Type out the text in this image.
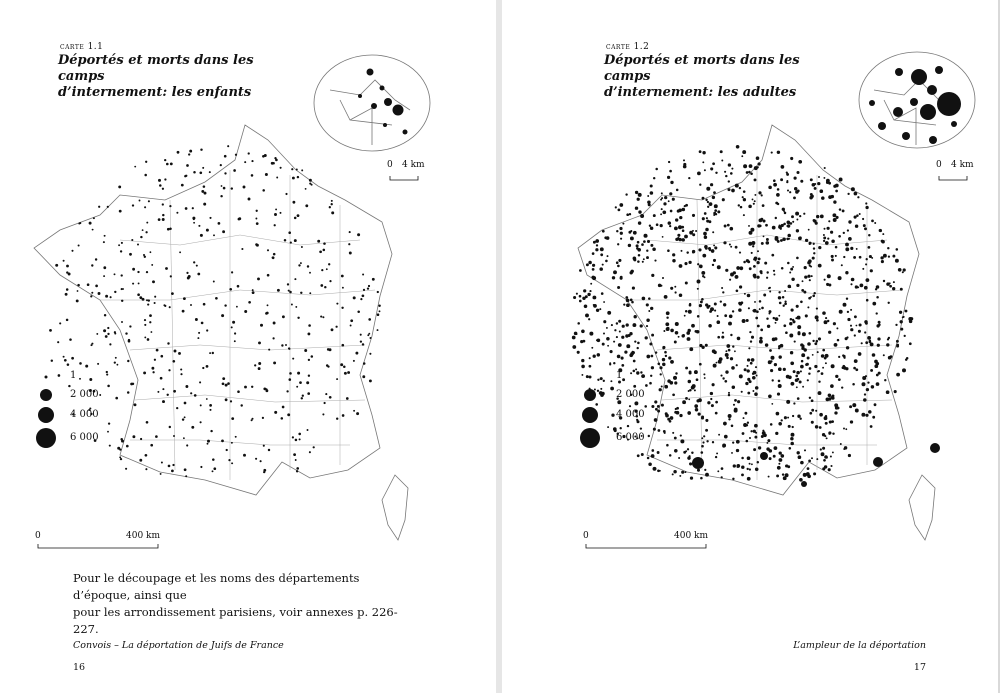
carte 1.1
Déportés et morts dans les camps
d’internement: les enfants
0 4 km
1
2 000
4 000
6 000
0	400 km
Pour le découpage et les noms des départements d’époque, ainsi que
pour les arrondissement parisiens, voir annexes p. 226-227.
Convois – La déportation de Juifs de France
16
carte 1.2
Déportés et morts dans les camps
d’internement: les adultes
0 4 km
1
2 000
4 000
6 000
0	400 km
L’ampleur de la déportation
17
